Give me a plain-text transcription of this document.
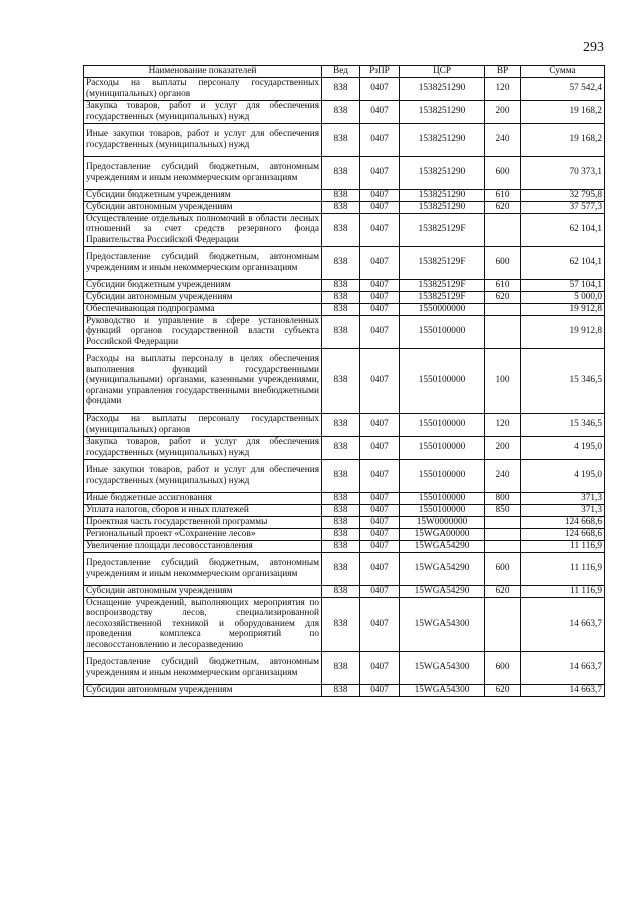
293
Наименование показателей	Вед	РзПР	ЦСР	ВР	Сумма
Расходы на выплаты персоналу государственных (муниципальных) органов	838	0407	1538251290	120	57 542,4
Закупка товаров, работ и услуг для обеспечения государственных (муниципальных) нужд	838	0407	1538251290	200	19 168,2
Иные закупки товаров, работ и услуг для обеспечения государственных (муниципальных) нужд	838	0407	1538251290	240	19 168,2
Предоставление субсидий бюджетным, автономным учреждениям и иным некоммерческим организациям	838	0407	1538251290	600	70 373,1
Субсидии бюджетным учреждениям	838	0407	1538251290	610	32 795,8
Субсидии автономным учреждениям	838	0407	1538251290	620	37 577,3
Осуществление отдельных полномочий в области лесных отношений за счет средств резервного фонда Правительства Российской Федерации	838	0407	153825129F		62 104,1
Предоставление субсидий бюджетным, автономным учреждениям и иным некоммерческим организациям	838	0407	153825129F	600	62 104,1
Субсидии бюджетным учреждениям	838	0407	153825129F	610	57 104,1
Субсидии автономным учреждениям	838	0407	153825129F	620	5 000,0
Обеспечивающая подпрограмма	838	0407	1550000000		19 912,8
Руководство и управление в сфере установленных функций органов государственной власти субъекта Российской Федерации	838	0407	1550100000		19 912,8
Расходы на выплаты персоналу в целях обеспечения выполнения функций государственными (муниципальными) органами, казенными учреждениями, органами управления государственными внебюджетными фондами	838	0407	1550100000	100	15 346,5
Расходы на выплаты персоналу государственных (муниципальных) органов	838	0407	1550100000	120	15 346,5
Закупка товаров, работ и услуг для обеспечения государственных (муниципальных) нужд	838	0407	1550100000	200	4 195,0
Иные закупки товаров, работ и услуг для обеспечения государственных (муниципальных) нужд	838	0407	1550100000	240	4 195,0
Иные бюджетные ассигнования	838	0407	1550100000	800	371,3
Уплата налогов, сборов и иных платежей	838	0407	1550100000	850	371,3
Проектная часть государственной программы	838	0407	15W0000000		124 668,6
Региональный проект «Сохранение лесов»	838	0407	15WGA00000		124 668,6
Увеличение площади лесовосстановления	838	0407	15WGA54290		11 116,9
Предоставление субсидий бюджетным, автономным учреждениям и иным некоммерческим организациям	838	0407	15WGA54290	600	11 116,9
Субсидии автономным учреждениям	838	0407	15WGA54290	620	11 116,9
Оснащение учреждений, выполняющих мероприятия по воспроизводству лесов, специализированной лесохозяйственной техникой и оборудованием для проведения комплекса мероприятий по лесовосстановлению и лесоразведению	838	0407	15WGA54300		14 663,7
Предоставление субсидий бюджетным, автономным учреждениям и иным некоммерческим организациям	838	0407	15WGA54300	600	14 663,7
Субсидии автономным учреждениям	838	0407	15WGA54300	620	14 663,7
